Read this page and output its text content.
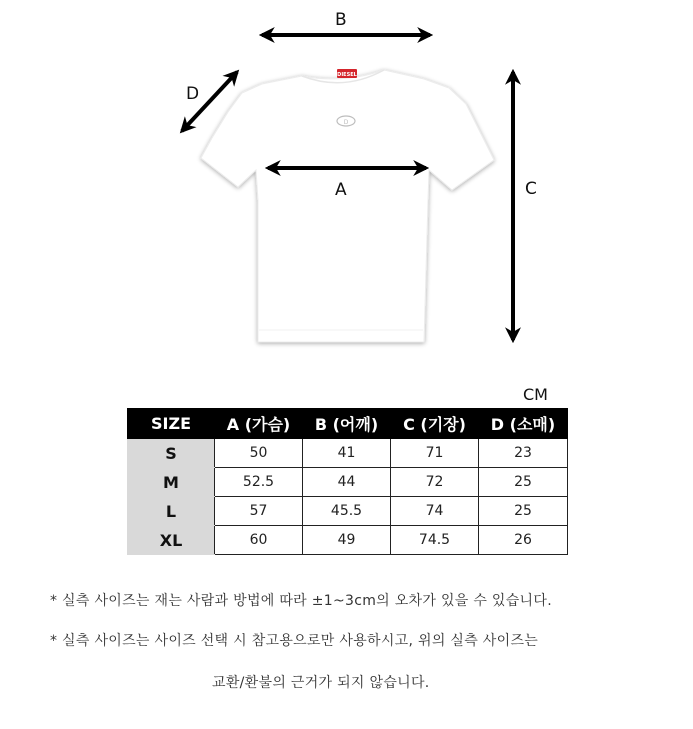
DIESEL
D
B
A	C
D
CM
SIZE	A (가슴)	B (어깨)	C (기장)	D (소매)
S	50	41	71	23
M	52.5	44	72	25
L	57	45.5	74	25
XL	60	49	74.5	26
* 실측 사이즈는 재는 사람과 방법에 따라 ±1~3cm의 오차가 있을 수 있습니다.
* 실측 사이즈는 사이즈 선택 시 참고용으로만 사용하시고, 위의 실측 사이즈는
교환/환불의 근거가 되지 않습니다.
